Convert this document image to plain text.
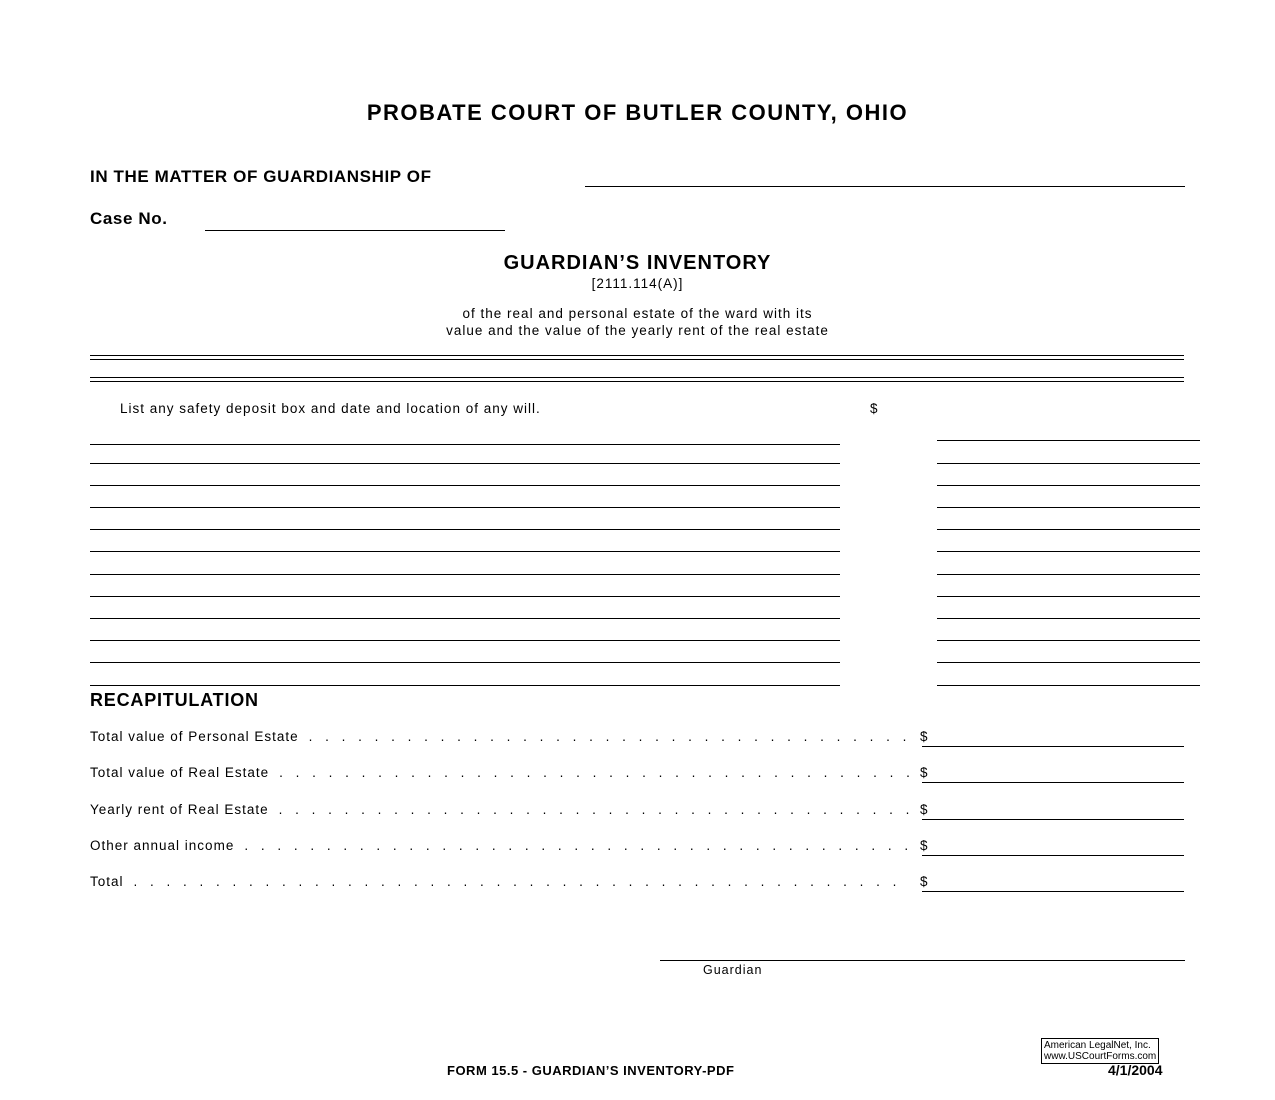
PROBATE COURT OF BUTLER COUNTY, OHIO
IN THE MATTER OF GUARDIANSHIP OF
Case No.
GUARDIAN’S INVENTORY
[2111.114(A)]
of the real and personal estate of the ward with its
value and the value of the yearly rent of the real estate
List any safety deposit box and date and location of any will.	$
RECAPITULATION
Total value of Personal Estate . . . . . . . . . . . . . . . . . . . . . . . . . . . . . . . . . . . . . $
Total value of Real Estate . . . . . . . . . . . . . . . . . . . . . . . . . . . . . . . . . . . . . . . $
Yearly rent of Real Estate . . . . . . . . . . . . . . . . . . . . . . . . . . . . . . . . . . . . . . . $
Other annual income . . . . . . . . . . . . . . . . . . . . . . . . . . . . . . . . . . . . . . . . . $
Total . . . . . . . . . . . . . . . . . . . . . . . . . . . . . . . . . . . . . . . . . . . . . . .	$
Guardian
American LegalNet, Inc.
www.USCourtForms.com
FORM 15.5 - GUARDIAN’S INVENTORY-PDF	4/1/2004
